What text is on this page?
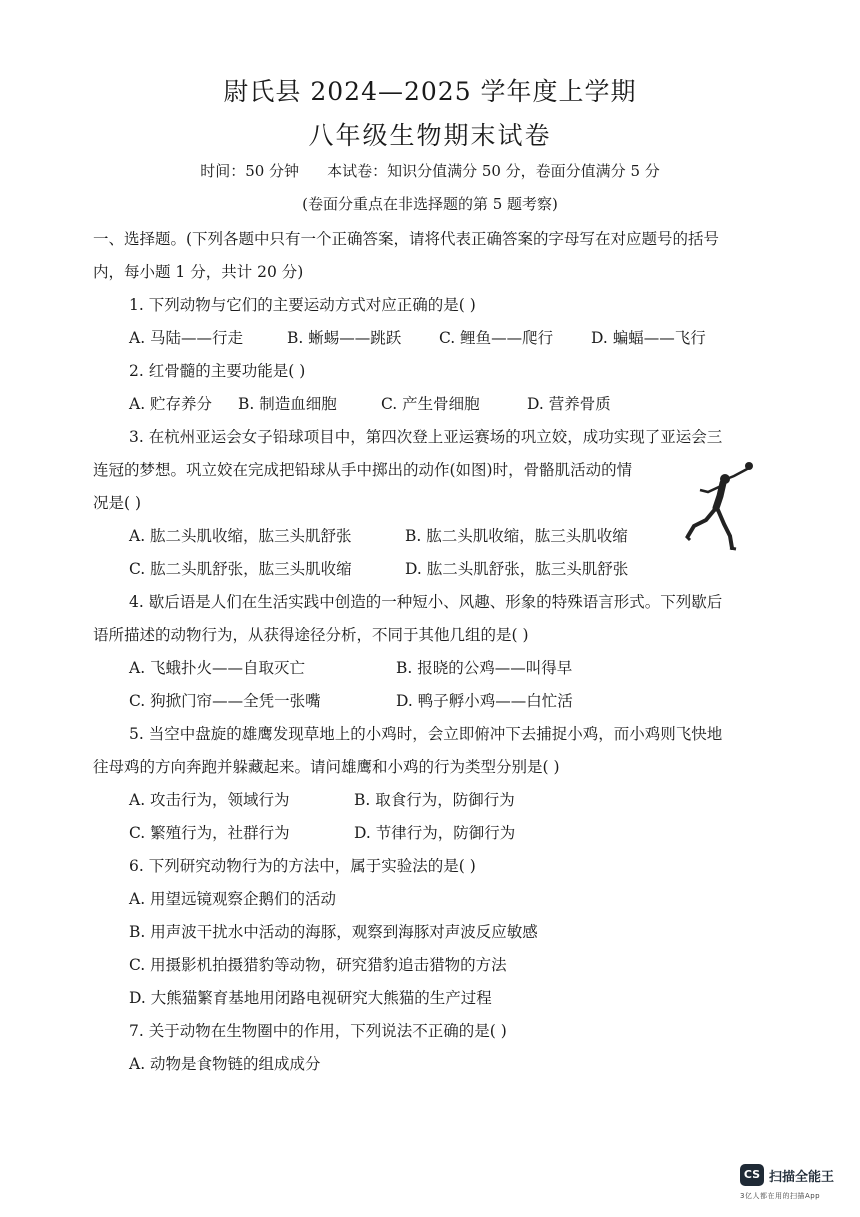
尉氏县 2024—2025 学年度上学期
八年级生物期末试卷
时间：50 分钟 本试卷：知识分值满分 50 分，卷面分值满分 5 分
(卷面分重点在非选择题的第 5 题考察)
一、选择题。(下列各题中只有一个正确答案，请将代表正确答案的字母写在对应题号的括号
内，每小题 1 分，共计 20 分)
1. 下列动物与它们的主要运动方式对应正确的是( )
A. 马陆——行走	B. 蜥蜴——跳跃 C. 鲤鱼——爬行 D. 蝙蝠——飞行
2. 红骨髓的主要功能是( )
A. 贮存养分 B. 制造血细胞	C. 产生骨细胞	D. 营养骨质
3. 在杭州亚运会女子铅球项目中，第四次登上亚运赛场的巩立姣，成功实现了亚运会三
连冠的梦想。巩立姣在完成把铅球从手中掷出的动作(如图)时，骨骼肌活动的情
况是( )
A. 肱二头肌收缩，肱三头肌舒张	B. 肱二头肌收缩，肱三头肌收缩
C. 肱二头肌舒张，肱三头肌收缩	D. 肱二头肌舒张，肱三头肌舒张
4. 歇后语是人们在生活实践中创造的一种短小、风趣、形象的特殊语言形式。下列歇后
语所描述的动物行为，从获得途径分析，不同于其他几组的是( )
A. 飞蛾扑火——自取灭亡	B. 报晓的公鸡——叫得早
C. 狗掀门帘——全凭一张嘴	D. 鸭子孵小鸡——白忙活
5. 当空中盘旋的雄鹰发现草地上的小鸡时，会立即俯冲下去捕捉小鸡，而小鸡则飞快地
往母鸡的方向奔跑并躲藏起来。请问雄鹰和小鸡的行为类型分别是( )
A. 攻击行为，领域行为	B. 取食行为，防御行为
C. 繁殖行为，社群行为	D. 节律行为，防御行为
6. 下列研究动物行为的方法中，属于实验法的是( )
A. 用望远镜观察企鹅们的活动
B. 用声波干扰水中活动的海豚，观察到海豚对声波反应敏感
C. 用摄影机拍摄猎豹等动物，研究猎豹追击猎物的方法
D. 大熊猫繁育基地用闭路电视研究大熊猫的生产过程
7. 关于动物在生物圈中的作用，下列说法不正确的是( )
A. 动物是食物链的组成成分
CS 扫描全能王
3亿人都在用的扫描App
